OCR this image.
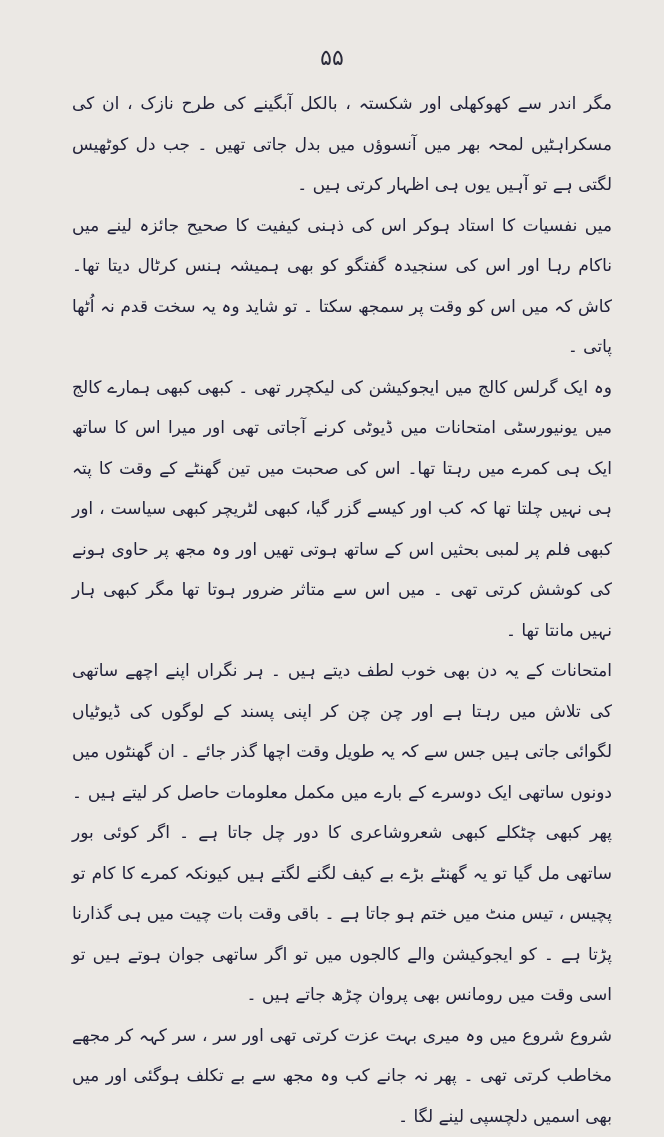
۵۵

مگر اندر سے کھوکھلی اور شکستہ ، بالکل آبگینے کی طرح نازک ، ان کی مسکراہٹیں لمحہ بھر میں آنسوؤں میں بدل جاتی تھیں ۔ جب دل کوٹھیس لگتی ہے تو آہیں یوں ہی اظہار کرتی ہیں ۔

میں نفسیات کا استاد ہوکر اس کی ذہنی کیفیت کا صحیح جائزہ لینے میں ناکام رہا اور اس کی سنجیدہ گفتگو کو بھی ہمیشہ ہنس کرٹال دیتا تھا۔ کاش کہ میں اس کو وقت پر سمجھ سکتا ۔ تو شاید وہ یہ سخت قدم نہ اُٹھا پاتی ۔

وہ ایک گرلس کالج میں ایجوکیشن کی لیکچرر تھی ۔ کبھی کبھی ہمارے کالج میں یونیورسٹی امتحانات میں ڈیوٹی کرنے آجاتی تھی اور میرا اس کا ساتھ ایک ہی کمرے میں رہتا تھا۔ اس کی صحبت میں تین گھنٹے کے وقت کا پتہ ہی نہیں چلتا تھا کہ کب اور کیسے گزر گیا، کبھی لٹریچر کبھی سیاست ، اور کبھی فلم پر لمبی بحثیں اس کے ساتھ ہوتی تھیں اور وہ مجھ پر حاوی ہونے کی کوشش کرتی تھی ۔ میں اس سے متاثر ضرور ہوتا تھا مگر کبھی ہار نہیں مانتا تھا ۔

امتحانات کے یہ دن بھی خوب لطف دیتے ہیں ۔ ہر نگراں اپنے اچھے ساتھی کی تلاش میں رہتا ہے اور چن چن کر اپنی پسند کے لوگوں کی ڈیوٹیاں لگوائی جاتی ہیں جس سے کہ یہ طویل وقت اچھا گذر جائے ۔ ان گھنٹوں میں دونوں ساتھی ایک دوسرے کے بارے میں مکمل معلومات حاصل کر لیتے ہیں ۔ پھر کبھی چٹکلے کبھی شعروشاعری کا دور چل جاتا ہے ۔ اگر کوئی بور ساتھی مل گیا تو یہ گھنٹے بڑے بے کیف لگنے لگتے ہیں کیونکہ کمرے کا کام تو پچیس ، تیس منٹ میں ختم ہو جاتا ہے ۔ باقی وقت بات چیت میں ہی گذارنا پڑتا ہے ۔ کو ایجوکیشن والے کالجوں میں تو اگر ساتھی جوان ہوتے ہیں تو اسی وقت میں رومانس بھی پروان چڑھ جاتے ہیں ۔

شروع شروع میں وہ میری بہت عزت کرتی تھی اور سر ، سر کہہ کر مجھے مخاطب کرتی تھی ۔ پھر نہ جانے کب وہ مجھ سے بے تکلف ہوگئی اور میں بھی اسمیں دلچسپی لینے لگا ۔
